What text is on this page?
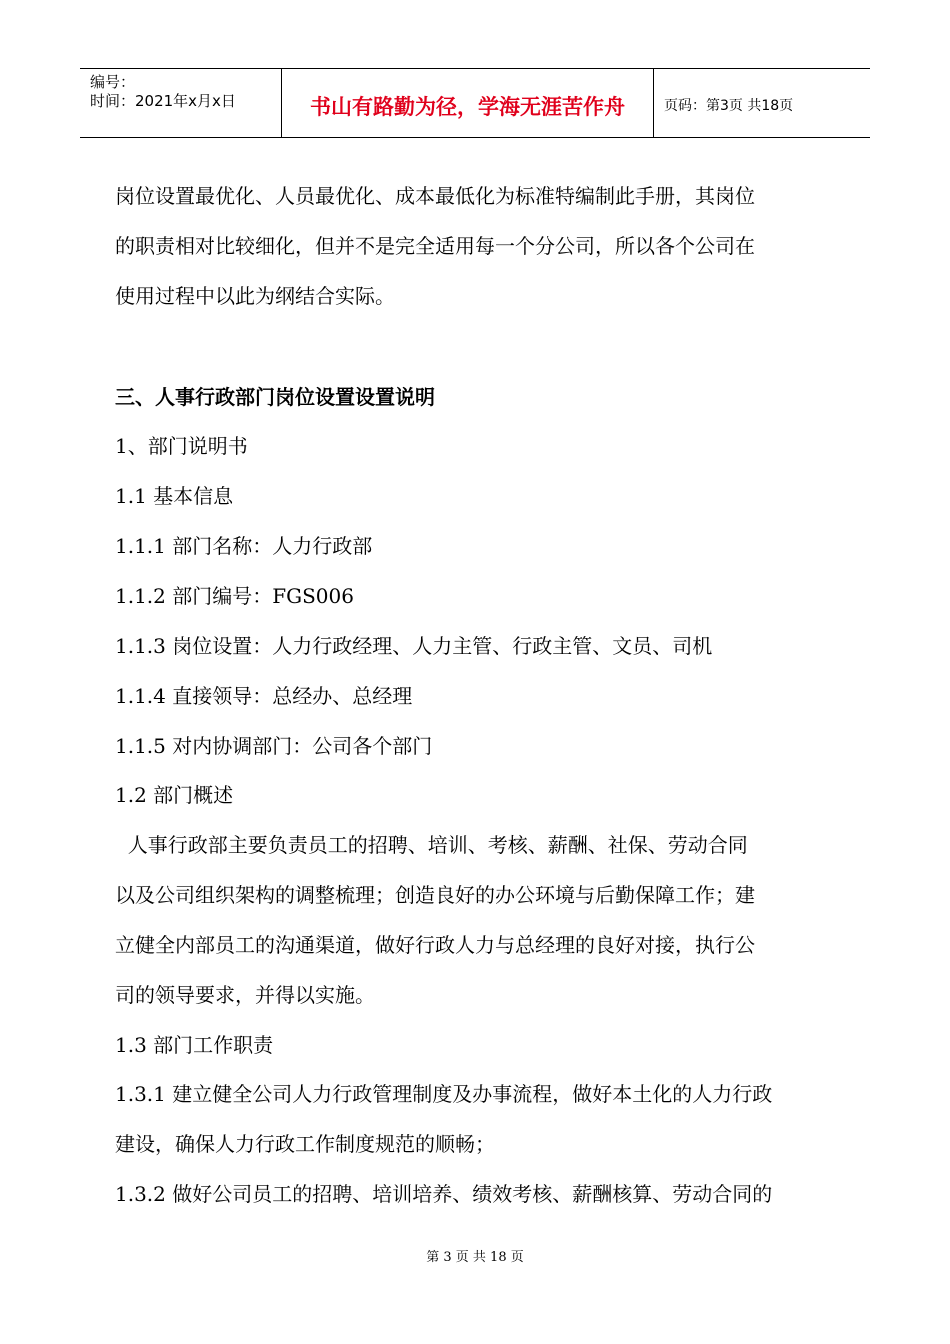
编号：
时间：2021年x月x日	书山有路勤为径，学海无涯苦作舟	页码：第3页 共18页
岗位设置最优化、人员最优化、成本最低化为标准特编制此手册，其岗位
的职责相对比较细化，但并不是完全适用每一个分公司，所以各个公司在
使用过程中以此为纲结合实际。
三、人事行政部门岗位设置设置说明
1、部门说明书
1.1 基本信息
1.1.1 部门名称：人力行政部
1.1.2 部门编号：FGS006
1.1.3 岗位设置：人力行政经理、人力主管、行政主管、文员、司机
1.1.4 直接领导：总经办、总经理
1.1.5 对内协调部门：公司各个部门
1.2 部门概述
人事行政部主要负责员工的招聘、培训、考核、薪酬、社保、劳动合同
以及公司组织架构的调整梳理；创造良好的办公环境与后勤保障工作；建
立健全内部员工的沟通渠道，做好行政人力与总经理的良好对接，执行公
司的领导要求，并得以实施。
1.3 部门工作职责
1.3.1 建立健全公司人力行政管理制度及办事流程，做好本土化的人力行政
建设，确保人力行政工作制度规范的顺畅；
1.3.2 做好公司员工的招聘、培训培养、绩效考核、薪酬核算、劳动合同的
第 3 页 共 18 页
